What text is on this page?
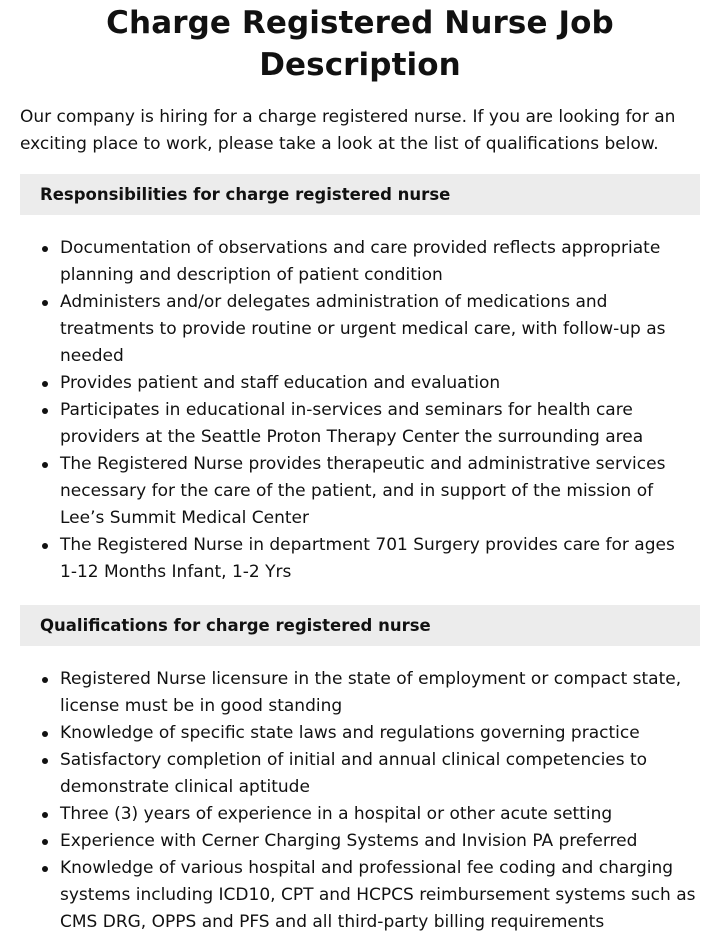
Charge Registered Nurse Job Description

Our company is hiring for a charge registered nurse. If you are looking for an exciting place to work, please take a look at the list of qualifications below.

Responsibilities for charge registered nurse
Documentation of observations and care provided reflects appropriate planning and description of patient condition
Administers and/or delegates administration of medications and treatments to provide routine or urgent medical care, with follow-up as needed
Provides patient and staff education and evaluation
Participates in educational in-services and seminars for health care providers at the Seattle Proton Therapy Center the surrounding area
The Registered Nurse provides therapeutic and administrative services necessary for the care of the patient, and in support of the mission of Lee’s Summit Medical Center
The Registered Nurse in department 701 Surgery provides care for ages 1-12 Months Infant, 1-2 Yrs
Qualifications for charge registered nurse
Registered Nurse licensure in the state of employment or compact state, license must be in good standing
Knowledge of specific state laws and regulations governing practice
Satisfactory completion of initial and annual clinical competencies to demonstrate clinical aptitude
Three (3) years of experience in a hospital or other acute setting
Experience with Cerner Charging Systems and Invision PA preferred
Knowledge of various hospital and professional fee coding and charging systems including ICD10, CPT and HCPCS reimbursement systems such as CMS DRG, OPPS and PFS and all third-party billing requirements
